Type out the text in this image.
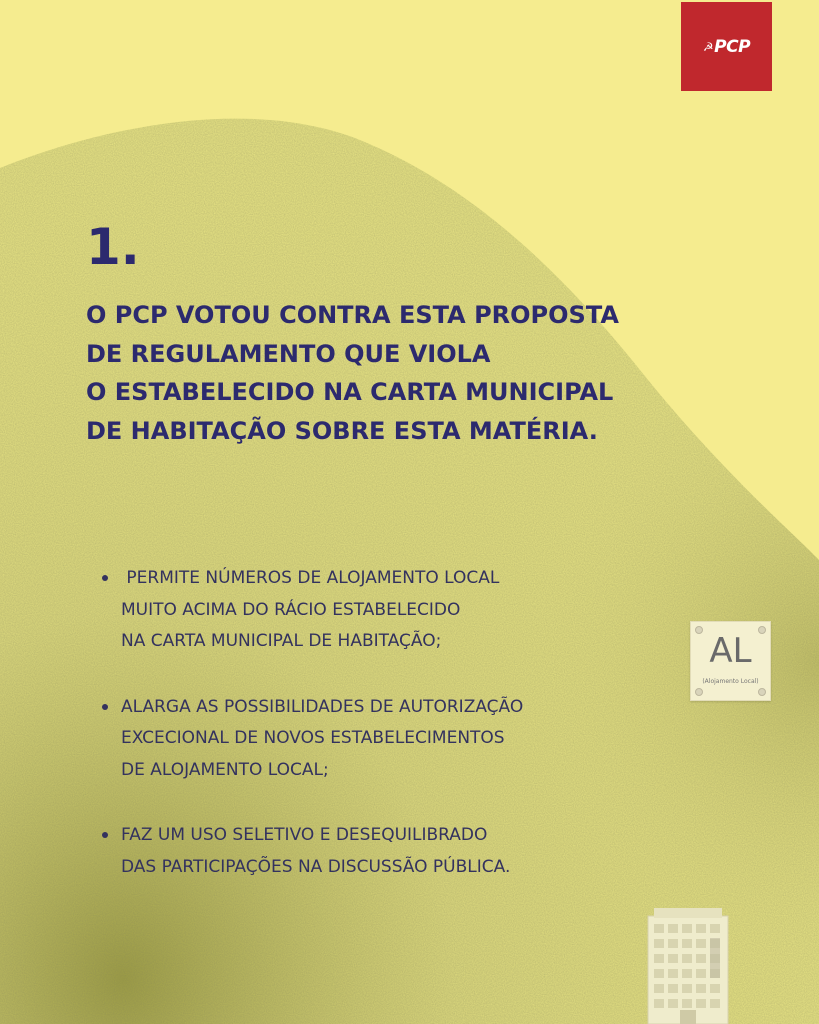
☭ PCP
1.
O PCP VOTOU CONTRA ESTA PROPOSTA
DE REGULAMENTO QUE VIOLA
O ESTABELECIDO NA CARTA MUNICIPAL
DE HABITAÇÃO SOBRE ESTA MATÉRIA.
PERMITE NÚMEROS DE ALOJAMENTO LOCAL
MUITO ACIMA DO RÁCIO ESTABELECIDO
NA CARTA MUNICIPAL DE HABITAÇÃO;
ALARGA AS POSSIBILIDADES DE AUTORIZAÇÃO
EXCECIONAL DE NOVOS ESTABELECIMENTOS
DE ALOJAMENTO LOCAL;
FAZ UM USO SELETIVO E DESEQUILIBRADO
DAS PARTICIPAÇÕES NA DISCUSSÃO PÚBLICA.
AL
(Alojamento Local)
